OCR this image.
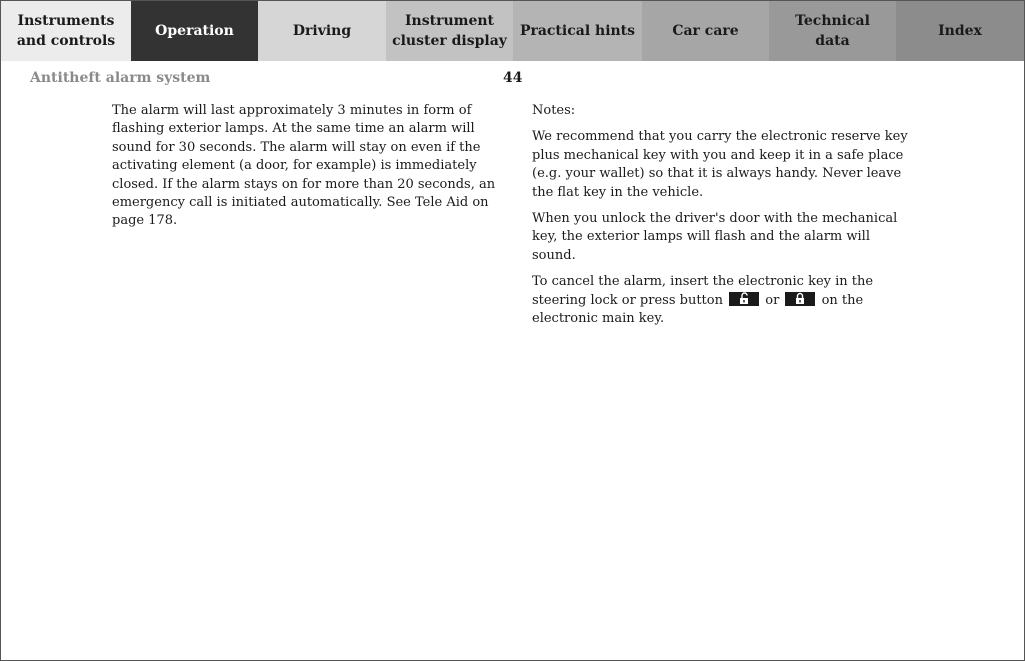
Instruments
and controls
Operation	Driving
Instrument
cluster display
Practical hints	Car care
Technical
data
Index
Antitheft alarm system	44

The alarm will last approximately 3 minutes in form of flashing exterior lamps. At the same time an alarm will sound for 30 seconds. The alarm will stay on even if the activating element (a door, for example) is immediately closed. If the alarm stays on for more than 20 seconds, an emergency call is initiated automatically. See Tele Aid on page 178.

Notes:

We recommend that you carry the electronic reserve key plus mechanical key with you and keep it in a safe place (e.g. your wallet) so that it is always handy. Never leave the flat key in the vehicle.

When you unlock the driver's door with the mechanical key, the exterior lamps will flash and the alarm will sound.

To cancel the alarm, insert the electronic key in the steering lock or press button	or	on the electronic main key.
